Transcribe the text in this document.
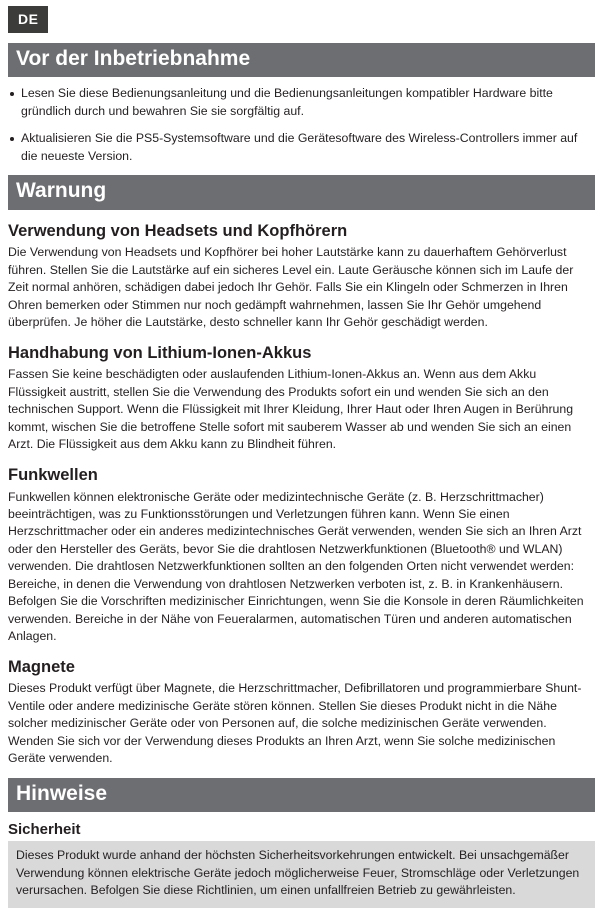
DE
Vor der Inbetriebnahme
Lesen Sie diese Bedienungsanleitung und die Bedienungsanleitungen kompatibler Hardware bitte gründlich durch und bewahren Sie sie sorgfältig auf.
Aktualisieren Sie die PS5-Systemsoftware und die Gerätesoftware des Wireless-Controllers immer auf die neueste Version.
Warnung
Verwendung von Headsets und Kopfhörern

Die Verwendung von Headsets und Kopfhörer bei hoher Lautstärke kann zu dauerhaftem Gehörverlust führen. Stellen Sie die Lautstärke auf ein sicheres Level ein. Laute Geräusche können sich im Laufe der Zeit normal anhören, schädigen dabei jedoch Ihr Gehör. Falls Sie ein Klingeln oder Schmerzen in Ihren Ohren bemerken oder Stimmen nur noch gedämpft wahrnehmen, lassen Sie Ihr Gehör umgehend überprüfen. Je höher die Lautstärke, desto schneller kann Ihr Gehör geschädigt werden.

Handhabung von Lithium-Ionen-Akkus

Fassen Sie keine beschädigten oder auslaufenden Lithium-Ionen-Akkus an. Wenn aus dem Akku Flüssigkeit austritt, stellen Sie die Verwendung des Produkts sofort ein und wenden Sie sich an den technischen Support. Wenn die Flüssigkeit mit Ihrer Kleidung, Ihrer Haut oder Ihren Augen in Berührung kommt, wischen Sie die betroffene Stelle sofort mit sauberem Wasser ab und wenden Sie sich an einen Arzt. Die Flüssigkeit aus dem Akku kann zu Blindheit führen.

Funkwellen

Funkwellen können elektronische Geräte oder medizintechnische Geräte (z. B. Herzschrittmacher) beeinträchtigen, was zu Funktionsstörungen und Verletzungen führen kann. Wenn Sie einen Herzschrittmacher oder ein anderes medizintechnisches Gerät verwenden, wenden Sie sich an Ihren Arzt oder den Hersteller des Geräts, bevor Sie die drahtlosen Netzwerkfunktionen (Bluetooth® und WLAN) verwenden. Die drahtlosen Netzwerkfunktionen sollten an den folgenden Orten nicht verwendet werden: Bereiche, in denen die Verwendung von drahtlosen Netzwerken verboten ist, z. B. in Krankenhäusern. Befolgen Sie die Vorschriften medizinischer Einrichtungen, wenn Sie die Konsole in deren Räumlichkeiten verwenden. Bereiche in der Nähe von Feueralarmen, automatischen Türen und anderen automatischen Anlagen.

Magnete

Dieses Produkt verfügt über Magnete, die Herzschrittmacher, Defibrillatoren und programmierbare Shunt-Ventile oder andere medizinische Geräte stören können. Stellen Sie dieses Produkt nicht in die Nähe solcher medizinischer Geräte oder von Personen auf, die solche medizinischen Geräte verwenden. Wenden Sie sich vor der Verwendung dieses Produkts an Ihren Arzt, wenn Sie solche medizinischen Geräte verwenden.

Hinweise
Sicherheit

Dieses Produkt wurde anhand der höchsten Sicherheitsvorkehrungen entwickelt. Bei unsachgemäßer Verwendung können elektrische Geräte jedoch möglicherweise Feuer, Stromschläge oder Verletzungen verursachen. Befolgen Sie diese Richtlinien, um einen unfallfreien Betrieb zu gewährleisten.
